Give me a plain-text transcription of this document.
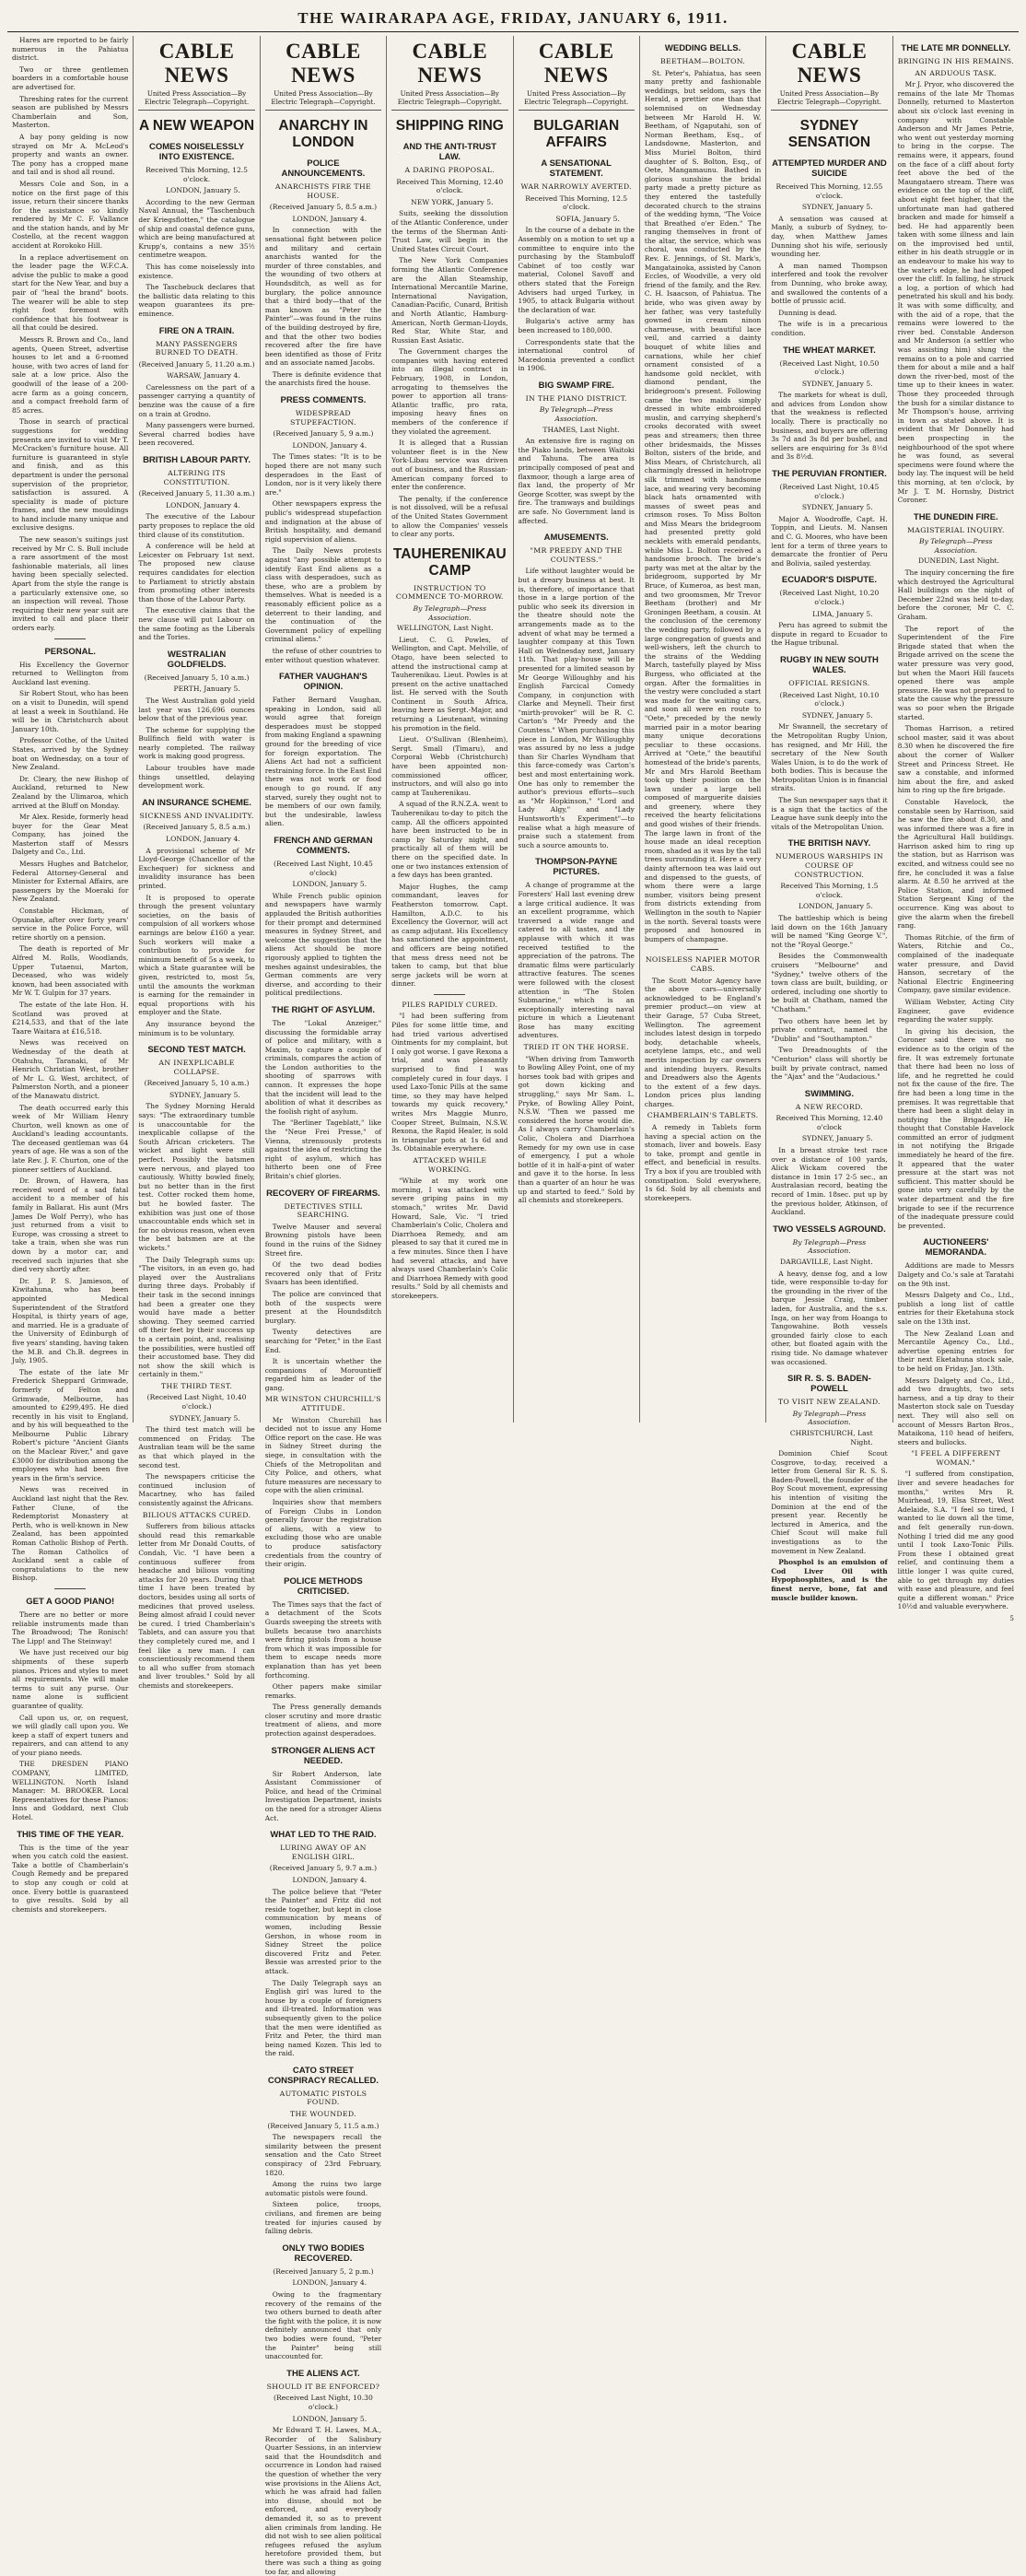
THE WAIRARAPA AGE, FRIDAY, JANUARY 6, 1911.

Hares are reported to be fairly numerous in the Pahiatua district.

Two or three gentlemen boarders in a comfortable house are advertised for.

Threshing rates for the current season are published by Messrs Chamberlain and Son, Masterton.

A bay pony gelding is now strayed on Mr A. McLeod's property and wants an owner. The pony has a cropped mane and tail and is shod all round.

Messrs Cole and Son, in a notice on the first page of this issue, return their sincere thanks for the assistance so kindly rendered by Mr C. F. Vallance and the station hands, and by Mr Costello, at the recent waggon accident at Rorokoko Hill.

In a replace advertisement on the leader page the W.F.C.A. advise the public to make a good start for the New Year, and buy a pair of "heal the brand" boots. The wearer will be able to step right foot foremost with confidence that his footwear is all that could be desired.

Messrs R. Brown and Co., land agents, Queen Street, advertise houses to let and a 6-roomed house, with two acres of land for sale at a low price. Also the goodwill of the lease of a 200-acre farm as a going concern, and a compact freehold farm of 85 acres.

Those in search of practical suggestions for wedding presents are invited to visit Mr T. McCracken's furniture house. All furniture is guaranteed in style and finish, and as this department is under the personal supervision of the proprietor, satisfaction is assured. A speciality is made of picture frames, and the new mouldings to hand include many unique and exclusive designs.

The new season's suitings just received by Mr C. S. Bull include a rare assortment of the most fashionable materials, all lines having been specially selected. Apart from the style the range is a particularly extensive one, so an inspection will reveal. Those requiring their new year suit are invited to call and place their orders early.

PERSONAL.

His Excellency the Governor returned to Wellington from Auckland last evening.

Sir Robert Stout, who has been on a visit to Dunedin, will spend at least a week in Southland. He will be in Christchurch about January 10th.

Professor Cothe, of the United States, arrived by the Sydney boat on Wednesday, on a tour of New Zealand.

Dr. Cleary, the new Bishop of Auckland, returned to New Zealand by the Ulimaroa, which arrived at the Bluff on Monday.

Mr Alex. Reside, formerly head buyer for the Gear Meat Company, has joined the Masterton staff of Messrs Dalgety and Co., Ltd.

Messrs Hughes and Batchelor, Federal Attorney-General and Minister for External Affairs, are passengers by the Moeraki for New Zealand.

Constable Hickman, of Opunake, after over forty years' service in the Police Force, will retire shortly on a pension.

The death is reported of Mr Alfred M. Rolls, Woodlands, Upper Tutaenui, Marton, Deceased, who was widely known, had been associated with Mr W. T. Gulpin for 37 years.

The estate of the late Hon. H. Scotland was proved at £214,533, and that of the late Taare Waitara at £16,518.

News was received on Wednesday of the death at Otahuhu, Taranaki, of Mr Henrich Christian West, brother of Mr L. G. West, architect, of Palmerston North, and a pioneer of the Manawatu district.

The death occurred early this week of Mr William Henry Churton, well known as one of Auckland's leading accountants. The deceased gentleman was 64 years of age. He was a son of the late Rev. J. F. Churton, one of the pioneer settlers of Auckland.

Dr. Brown, of Hawera, has received word of a sad fatal accident to a member of his family in Ballarat. His aunt (Mrs James De Wolf Perry), who has just returned from a visit to Europe, was crossing a street to take a train, when she was run down by a motor car, and received such injuries that she died very shortly after.

Dr. J. P. S. Jamieson, of Kiwitahuna, who has been appointed Medical Superintendent of the Stratford Hospital, is thirty years of age, and married. He is a graduate of the University of Edinburgh of five years' standing, having taken the M.B. and Ch.B. degrees in July, 1905.

The estate of the late Mr Frederick Sheppard Grimwade, formerly of Felton and Grimwade, Melbourne, has amounted to £299,495. He died recently in his visit to England, and by his will bequeathed to the Melbourne Public Library Robert's picture "Ancient Giants on the Maclear River," and gave £3000 for distribution among the employees who had been five years in the firm's service.

News was received in Auckland last night that the Rev. Father Clune, of the Redemptorist Monastery at Perth, who is well-known in New Zealand, has been appointed Roman Catholic Bishop of Perth. The Roman Catholics of Auckland sent a cable of congratulations to the new Bishop.

GET A GOOD PIANO!

There are no better or more reliable instruments made than The Broadwood; The Ronisch! The Lipp! and The Steinway!

We have just received our big shipments of these superb pianos. Prices and styles to meet all requirements. We will make terms to suit any purse. Our name alone is sufficient guarantee of quality.

Call upon us, or, on request, we will gladly call upon you. We keep a staff of expert tuners and repairers, and can attend to any of your piano needs.

THE DRESDEN PIANO COMPANY, LIMITED, WELLINGTON. North Island Manager: M. BROOKER. Local Representatives for these Pianos: Inns and Goddard, next Club Hotel.

THIS TIME OF THE YEAR.

This is the time of the year when you catch cold the easiest. Take a bottle of Chamberlain's Cough Remedy and be prepared to stop any cough or cold at once. Every bottle is guaranteed to give results. Sold by all chemists and storekeepers.

CABLE NEWS
United Press Association—By Electric Telegraph—Copyright.
A NEW WEAPON
COMES NOISELESSLY INTO EXISTENCE.
Received This Morning, 12.5 o'clock.
LONDON, January 5.

According to the new German Naval Annual, the "Taschenbuch der Kriegsflotten," the catalogue of ship and coastal defence guns, which are being manufactured at Krupp's, contains a new 35½ centimetre weapon.

This has come noiselessly into existence.

The Taschebuck declares that the ballistic data relating to this weapon guarantees its pre-eminence.

FIRE ON A TRAIN.
MANY PASSENGERS BURNED TO DEATH.
(Received January 5, 11.20 a.m.)
WARSAW, January 4.

Carelessness on the part of a passenger carrying a quantity of benzine was the cause of a fire on a train at Grodno.

Many passengers were burned. Several charred bodies have been recovered.

BRITISH LABOUR PARTY.
ALTERING ITS CONSTITUTION.
(Received January 5, 11.30 a.m.)
LONDON, January 4.

The executive of the Labour party proposes to replace the old third clause of its constitution.

A conference will be held at Leicester on February 1st next. The proposed new clause requires candidates for election to Parliament to strictly abstain from promoting other interests than those of the Labour Party.

The executive claims that the new clause will put Labour on the same footing as the Liberals and the Tories.

WESTRALIAN GOLDFIELDS.
(Received January 5, 10 a.m.)
PERTH, January 5.

The West Australian gold yield last year was 126,696 ounces below that of the previous year.

The scheme for supplying the Bullfinch field with water is nearly completed. The railway work is making good progress.

Labour troubles have made things unsettled, delaying development work.

AN INSURANCE SCHEME.
SICKNESS AND INVALIDITY.
(Received January 5, 8.5 a.m.)
LONDON, January 4.

A provisional scheme of Mr Lloyd-George (Chancellor of the Exchequer) for sickness and invalidity insurance has been printed.

It is proposed to operate through the present voluntary societies, on the basis of compulsion of all workers whose earnings are below £160 a year. Such workers will make a contribution to provide for minimum benefit of 5s a week, to which a State guarantee will be given, restricted to, most 5s, until the amounts the workman is earning for the remainder in equal proportions with his employer and the State.

Any insurance beyond the minimum is to be voluntary.

SECOND TEST MATCH.
AN INEXPLICABLE COLLAPSE.
(Received January 5, 10 a.m.)
SYDNEY, January 5.

The Sydney Morning Herald says: "The extraordinary tumble is unaccountable for the inexplicable collapse of the South African cricketers. The wicket and light were still perfect. Possibly the batsmen were nervous, and played too cautiously. Whitty bowled finely, but no better than in the first test. Cotter rocked them home, but he bowled faster. The exhibition was just one of those unaccountable ends which set in for no obvious reason, when even the best batsmen are at the wickets."

The Daily Telegraph sums up: "The visitors, in an even go, had played over the Australians during three days. Probably if their task in the second innings had been a greater one they would have made a better showing. They seemed carried off their feet by their success up to a certain point, and, realising the possibilities, were hustled off their accustomed base. They did not show the skill which is certainly in them."

THE THIRD TEST.
(Received Last Night, 10.40 o'clock.)
SYDNEY, January 5.

The third test match will be commenced on Friday. The Australian team will be the same as that which played in the second test.

The newspapers criticise the continued inclusion of Macartney, who has failed consistently against the Africans.

BILIOUS ATTACKS CURED.

Sufferers from bilious attacks should read this remarkable letter from Mr Donald Coutts, of Condah, Vic. "I have been a continuous sufferer from headache and bilious vomiting attacks for 20 years. During that time I have been treated by doctors, besides using all sorts of medicines that proved useless. Being almost afraid I could never be cured. I tried Chamberlain's Tablets, and can assure you that they completely cured me, and I feel like a new man. I can conscientiously recommend them to all who suffer from stomach and liver troubles." Sold by all chemists and storekeepers.

CABLE NEWS
United Press Association—By Electric Telegraph—Copyright.
ANARCHY IN LONDON
POLICE ANNOUNCEMENTS.
ANARCHISTS FIRE THE HOUSE.
(Received January 5, 8.5 a.m.)
LONDON, January 4.

In connection with the sensational fight between police and military and certain anarchists wanted for the murder of three constables, and the wounding of two others at Houndsditch, as well as for burglary, the police announce that a third body—that of the man known as "Peter the Painter"—was found in the ruins of the building destroyed by fire, and that the other two bodies recovered after the fire have been identified as those of Fritz and an associate named Jacobs.

There is definite evidence that the anarchists fired the house.

PRESS COMMENTS.
WIDESPREAD STUPEFACTION.
(Received January 5, 9 a.m.)
LONDON, January 4.

The Times states: "It is to be hoped there are not many such desperadoes in the East of London, nor is it very likely there are."

Other newspapers express the public's widespread stupefaction and indignation at the abuse of British hospitality, and demand rigid supervision of aliens.

The Daily News protests against "any possible attempt to identify East End aliens as a class with desperadoes, such as these, who are a problem by themselves. What is needed is a reasonably efficient police as a deterrent to their landing, and the continuation of the Government policy of expelling criminal aliens."

the refuse of other countries to enter without question whatever.

FATHER VAUGHAN'S OPINION.

Father Bernard Vaughan, speaking in London, said all would agree that foreign desperadoes must be stopped from making England a spawning ground for the breeding of vice for foreign exportation. The Aliens Act had not a sufficient restraining force. In the East End there was not work or food enough to go round. If any starved, surely they ought not to be members of our own family, but the undesirable, lawless alien.

FRENCH AND GERMAN COMMENTS.
(Received Last Night, 10.45 o'clock)
LONDON, January 5.

While French public opinion and newspapers have warmly applauded the British authorities for their prompt and determined measures in Sydney Street, and welcome the suggestion that the aliens Act should be more rigorously applied to tighten the meshes against undesirables, the German comments are very diverse, and according to their political predilections.

THE RIGHT OF ASYLUM.

The "Lokal Anzeiger," discussing the formidable array of police and military, with a Maxim, to capture a couple of criminals, compares the action of the London authorities to the shooting of sparrows with cannon. It expresses the hope that the incident will lead to the abolition of what it describes as the foolish right of asylum.

The "Berliner Tageblatt," like the "Neue Frei Presse," of Vienna, strenuously protests against the idea of restricting the right of asylum, which has hitherto been one of Free Britain's chief glories.

RECOVERY OF FIREARMS.
DETECTIVES STILL SEARCHING.

Twelve Mauser and several Browning pistols have been found in the ruins of the Sidney Street fire.

Of the two dead bodies recovered only that of Fritz Svaars has been identified.

The police are convinced that both of the suspects were present at the Houndsditch burglary.

Twenty detectives are searching for "Peter," in the East End.

It is uncertain whether the companions of Morountieff regarded him as leader of the gang.

MR WINSTON CHURCHILL'S ATTITUDE.

Mr Winston Churchill has decided not to issue any Home Office report on the case. He was in Sidney Street during the siege, in consultation with the Chiefs of the Metropolitan and City Police, and others, what future measures are necessary to cope with the alien criminal.

Inquiries show that members of Foreign Clubs in London generally favour the registration of aliens, with a view to excluding those who are unable to produce satisfactory credentials from the country of their origin.

POLICE METHODS CRITICISED.

The Times says that the fact of a detachment of the Scots Guards sweeping the streets with bullets because two anarchists were firing pistols from a house from which it was impossible for them to escape needs more explanation than has yet been forthcoming.

Other papers make similar remarks.

The Press generally demands closer scrutiny and more drastic treatment of aliens, and more protection against desperadoes.

STRONGER ALIENS ACT NEEDED.

Sir Robert Anderson, late Assistant Commissioner of Police, and head of the Criminal Investigation Department, insists on the need for a stronger Aliens Act.

WHAT LED TO THE RAID.
LURING AWAY OF AN ENGLISH GIRL.
(Received January 5, 9.7 a.m.)
LONDON, January 4.

The police believe that "Peter the Painter" and Fritz did not reside together, but kept in close communication by means of women, including Bessie Gershon, in whose room in Sidney Street the police discovered Fritz and Peter. Bessie was arrested prior to the attack.

The Daily Telegraph says an English girl was lured to the house by a couple of foreigners and ill-treated. Information was subsequently given to the police that the men were identified as Fritz and Peter, the third man being named Kozen. This led to the raid.

CATO STREET CONSPIRACY RECALLED.
AUTOMATIC PISTOLS FOUND.
THE WOUNDED.
(Received January 5, 11.5 a.m.)

The newspapers recall the similarity between the present sensation and the Cato Street conspiracy of 23rd February, 1820.

Among the ruins two large automatic pistols were found.

Sixteen police, troops, civilians, and firemen are being treated for injuries caused by falling debris.

ONLY TWO BODIES RECOVERED.
(Received January 5, 2 p.m.)
LONDON, January 4.

Owing to the fragmentary recovery of the remains of the two others burned to death after the fight with the police, it is now definitely announced that only two bodies were found, "Peter the Painter" being still unaccounted for.

THE ALIENS ACT.
SHOULD IT BE ENFORCED?
(Received Last Night, 10.30 o'clock.)
LONDON, January 5.

Mr Edward T. H. Lawes, M.A., Recorder of the Salisbury Quarter Sessions, in an interview said that the Houndsditch and occurrence in London had raised the question of whether the very wise provisions in the Aliens Act, which he was afraid had fallen into disuse, should not be enforced, and everybody demanded it, so as to prevent alien criminals from landing. He did not wish to see alien political refugees refused the asylum heretofore provided them, but there was such a thing as going too far, and allowing

CABLE NEWS
United Press Association—By Electric Telegraph—Copyright.
SHIPPING RING
AND THE ANTI-TRUST LAW.
A DARING PROPOSAL.
Received This Morning, 12.40 o'clock.
NEW YORK, January 5.

Suits, seeking the dissolution of the Atlantic Conference, under the terms of the Sherman Anti-Trust Law, will begin in the United States Circuit Court.

The New York Companies forming the Atlantic Conference are the Allan Steamship, International Mercantile Marine, International Navigation, Canadian-Pacific, Cunard, British and North Atlantic, Hamburg-American, North German-Lloyds, Red Star, White Star, and Russian East Asiatic.

The Government charges the companies with having entered into an illegal contract in February, 1908, in London, arrogating to themselves the power to apportion all trans-Atlantic traffic, pro rata, imposing heavy fines on members of the conference if they violated the agreement.

It is alleged that a Russian volunteer fleet is in the New York-Libau service was driven out of business, and the Russian-American company forced to enter the conference.

The penalty, if the conference is not dissolved, will be a refusal of the United States Government to allow the Companies' vessels to clear any ports.

TAUHERENIKAU CAMP
INSTRUCTION TO COMMENCE TO-MORROW.
By Telegraph—Press Association.
WELLINGTON, Last Night.

Lieut. C. G. Powles, of Wellington, and Capt. Melville, of Otago, have been selected to attend the instructional camp at Tauherenikau. Lieut. Powles is at present on the active unattached list. He served with the South Continent in South Africa, leaving here as Sergt.-Major, and returning a Lieutenant, winning his promotion in the field.

Lieut. O'Sullivan (Blenheim), Sergt. Small (Timaru), and Corporal Webb (Christchurch) have been appointed non-commissioned officer, instructors, and will also go into camp at Tauherenikau.

A squad of the R.N.Z.A. went to Tauherenikau to-day to pitch the camp. All the officers appointed have been instructed to be in camp by Saturday night, and practically all of them will be there on the specified date. In one or two instances extension of a few days has been granted.

Major Hughes, the camp commandant, leaves for Featherston tomorrow. Capt. Hamilton, A.D.C. to his Excellency the Governor, will act as camp adjutant. His Excellency has sanctioned the appointment, and officers are being notified that mess dress need not be taken to camp, but that blue serge jackets will be worn at dinner.

PILES RAPIDLY CURED.

"I had been suffering from Piles for some little time, and had tried various advertised Ointments for my complaint, but I only got worse. I gave Rexona a trial, and was pleasantly surprised to find I was completely cured in four days. I used Laxo-Tonic Pills at the same time, so they may have helped towards my quick recovery," writes Mrs Maggie Munro, Cooper Street, Bulmain, N.S.W. Rexona, the Rapid Healer, is sold in triangular pots at 1s 6d and 3s. Obtainable everywhere.

ATTACKED WHILE WORKING.

"While at my work one morning, I was attacked with severe griping pains in my stomach," writes Mr. David Howard, Sale, Vic. "I tried Chamberlain's Colic, Cholera and Diarrhoea Remedy, and am pleased to say that it cured me in a few minutes. Since then I have had several attacks, and have always used Chamberlain's Colic and Diarrhoea Remedy with good results." Sold by all chemists and storekeepers.

CABLE NEWS
United Press Association—By Electric Telegraph—Copyright.
BULGARIAN AFFAIRS
A SENSATIONAL STATEMENT.
WAR NARROWLY AVERTED.
Received This Morning, 12.5 o'clock.
SOFIA, January 5.

In the course of a debate in the Assembly on a motion to set up a committee to enquire into the purchasing by the Stambuloff Cabinet of too costly war material, Colonel Savoff and others stated that the Foreign Advisers had urged Turkey, in 1905, to attack Bulgaria without the declaration of war.

Bulgaria's active army has been increased to 180,000.

Correspondents state that the international control of Macedonia prevented a conflict in 1906.

BIG SWAMP FIRE.
IN THE PIANO DISTRICT.
By Telegraph—Press Association.
THAMES, Last Night.

An extensive fire is raging on the Piako lands, between Waitoki and Tahuna. The area is principally composed of peat and flaxmoor, though a large area of flax land, the property of Mr George Scotter, was swept by the fire. The tramways and buildings are safe. No Government land is affected.

AMUSEMENTS.
"MR PREEDY AND THE COUNTESS."

Life without laughter would be but a dreary business at best. It is, therefore, of importance that those in a large portion of the public who seek its diversion in the theatre should note the arrangements made as to the advent of what may be termed a laughter company at this Town Hall on Wednesday next, January 11th. That play-house will be presented for a limited season by Mr George Willoughby and his English Farcical Comedy Company, in conjunction with Clarke and Meynell. Their first "mirth-provoker" will be R. C. Carton's "Mr Preedy and the Countess." When purchasing this piece in London, Mr Willoughby was assured by no less a judge than Sir Charles Wyndham that this farce-comedy was Carton's best and most entertaining work. One has only to remember the author's previous efforts—such as "Mr Hopkinson," "Lord and Lady Algy," and "Lady Huntsworth's Experiment"—to realise what a high measure of praise such a statement from such a source amounts to.

THOMPSON-PAYNE PICTURES.

A change of programme at the Foresters' Hall last evening drew a large critical audience. It was an excellent programme, which traversed a wide range and catered to all tastes, and the applause with which it was received testified to the appreciation of the patrons. The dramatic films were particularly attractive features. The scenes were followed with the closest attention in "The Stolen Submarine," which is an exceptionally interesting naval picture in which a Lieutenant Rose has many exciting adventures.

TRIED IT ON THE HORSE.

"When driving from Tamworth to Bowling Alley Point, one of my horses took bad with gripes and got down kicking and struggling," says Mr Sam. L. Pryke, of Bowling Alley Point, N.S.W. "Then we passed me considered the horse would die. As I always carry Chamberlain's Colic, Cholera and Diarrhoea Remedy for my own use in case of emergency, I put a whole bottle of it in half-a-pint of water and gave it to the horse. In less than a quarter of an hour he was up and started to feed." Sold by all chemists and storekeepers.

WEDDING BELLS.
BEETHAM—BOLTON.

St. Peter's, Pahiatua, has seen many pretty and fashionable weddings, but seldom, says the Herald, a prettier one than that solemnised on Wednesday between Mr Harold H. W. Beetham, of Ngaputahi, son of Norman Beetham, Esq., of Landsdowne, Masterton, and Miss Muriel Bolton, third daughter of S. Bolton, Esq., of Oete, Mangamaunu. Bathed in glorious sunshine the bridal party made a pretty picture as they entered the tastefully decorated church to the strains of the wedding hymn, "The Voice that Breathed o'er Eden." The ranging themselves in front of the altar, the service, which was choral, was conducted by the Rev. E. Jennings, of St. Mark's, Mangatainoka, assisted by Canon Eccles, of Woodville, a very old friend of the family, and the Rev. C. H. Isaacson, of Pahiatua. The bride, who was given away by her father, was very tastefully gowned in cream ninon charmeuse, with beautiful lace veil, and carried a dainty bouquet of white lilies and carnations, while her chief ornament consisted of a handsome gold necklet, with diamond pendant, the bridegroom's present. Following came the two maids simply dressed in white embroidered muslin, and carrying shepherd's crooks decorated with sweet peas and streamers; then three other bridesmaids, the Misses Bolton, sisters of the bride, and Miss Mears, of Christchurch, all charmingly dressed in heliotrope silk trimmed with handsome lace, and wearing very becoming black hats ornamented with masses of sweet peas and crimson roses. To Miss Bolton and Miss Mears the bridegroom had presented pretty gold necklets with emerald pendants, while Miss L. Bolton received a handsome brooch. The bride's party was met at the altar by the bridegroom, supported by Mr Bruce, of Kumeroa, as best man, and two groomsmen, Mr Trevor Beetham (brother) and Mr Groningen Beetham, a cousin. At the conclusion of the ceremony the wedding party, followed by a large congregation of guests and well-wishers, left the church to the strains of the Wedding March, tastefully played by Miss Burgess, who officiated at the organ. After the formalities in the vestry were concluded a start was made for the waiting cars, and soon all were en route to "Oete," preceded by the newly married pair in a motor bearing many unique decorations peculiar to these occasions. Arrived at "Oete," the beautiful homestead of the bride's parents, Mr and Mrs Harold Beetham took up their position on the lawn under a large bell composed of marguerite daisies and greenery, where they received the hearty felicitations and good wishes of their friends. The large lawn in front of the house made an ideal reception room, shaded as it was by the tall trees surrounding it. Here a very dainty afternoon tea was laid out and dispensed to the guests, of whom there were a large number, visitors being present from districts extending from Wellington in the south to Napier in the north. Several toasts were proposed and honoured in bumpers of champagne.

NOISELESS NAPIER MOTOR CABS.

The Scott Motor Agency have the above cars—universally acknowledged to be England's premier product—on view at their Garage, 57 Cuba Street, Wellington. The agreement includes latest design in torpedo body, detachable wheels, acetylene lamps, etc., and well merits inspection by car owners and intending buyers. Results and Dreadwers also the Agents to the extent of a few days. London prices plus landing charges.

CHAMBERLAIN'S TABLETS.

A remedy in Tablets form having a special action on the stomach, liver and bowels. Easy to take, prompt and gentle in effect, and beneficial in results. Try a box if you are troubled with constipation. Sold everywhere, 1s 6d. Sold by all chemists and storekeepers.

CABLE NEWS
United Press Association—By Electric Telegraph—Copyright.
SYDNEY SENSATION
ATTEMPTED MURDER AND SUICIDE
Received This Morning, 12.55 o'clock.
SYDNEY, January 5.

A sensation was caused at Manly, a suburb of Sydney, to-day, when Matthew James Dunning shot his wife, seriously wounding her.

A man named Thompson interfered and took the revolver from Dunning, who broke away, and swallowed the contents of a bottle of prussic acid.

Dunning is dead.

The wife is in a precarious condition.

THE WHEAT MARKET.
(Received Last Night, 10.50 o'clock.)
SYDNEY, January 5.

The markets for wheat is dull, and advices from London show that the weakness is reflected locally. There is practically no business, and buyers are offering 3s 7d and 3s 8d per bushel, and sellers are enquiring for 3s 8½d and 3s 8½d.

THE PERUVIAN FRONTIER.
(Received Last Night, 10.45 o'clock.)
SYDNEY, January 5.

Major A. Woodroffe, Capt. H. Toppin, and Lieuts. M. Nansen and C. G. Moores, who have been lent for a term of three years to demarcate the frontier of Peru and Bolivia, sailed yesterday.

ECUADOR'S DISPUTE.
(Received Last Night, 10.20 o'clock.)
LIMA, January 5.

Peru has agreed to submit the dispute in regard to Ecuador to the Hague tribunal.

RUGBY IN NEW SOUTH WALES.
OFFICIAL RESIGNS.
(Received Last Night, 10.10 o'clock.)
SYDNEY, January 5.

Mr Swannell, the secretary of the Metropolitan Rugby Union, has resigned, and Mr Hill, the secretary of the New South Wales Union, is to do the work of both bodies. This is because the Metropolitan Union is in financial straits.

The Sun newspaper says that it is a sign that the tactics of the League have sunk deeply into the vitals of the Metropolitan Union.

THE BRITISH NAVY.
NUMEROUS WARSHIPS IN COURSE OF CONSTRUCTION.
Received This Morning, 1.5 o'clock.
LONDON, January 5.

The battleship which is being laid down on the 16th January will be named "King George V.", not the "Royal George."

Besides the Commonwealth cruisers "Melbourne" and "Sydney," twelve others of the town class are built, building, or ordered, including one shortly to be built at Chatham, named the "Chatham."

Two others have been let by private contract, named the "Dublin" and "Southampton."

Two Dreadnoughts of the "Centurion" class will shortly be built by private contract, named the "Ajax" and the "Audacious."

SWIMMING.
A NEW RECORD.
Received This Morning, 12.40 o'clock
SYDNEY, January 5.

In a breast stroke test race over a distance of 100 yards, Alick Wickam covered the distance in 1min 17 2-5 sec., an Australasian record, beating the record of 1min. 18sec. put up by the previous holder, Atkinson, of Auckland.

TWO VESSELS AGROUND.
By Telegraph—Press Association.
DARGAVILLE, Last Night.

A heavy, dense fog, and a low tide, were responsible to-day for the grounding in the river of the barque Jessie Craig, timber laden, for Australia, and the s.s. Inga, on her way from Hoanga to Tangowahine. Both vessels grounded fairly close to each other, but floated again with the rising tide. No damage whatever was occasioned.

SIR R. S. S. BADEN-POWELL
TO VISIT NEW ZEALAND.
By Telegraph—Press Association.
CHRISTCHURCH, Last Night.

Dominion Chief Scout Cosgrove, to-day, received a letter from General Sir R. S. S. Baden-Powell, the founder of the Boy Scout movement, expressing his intention of visiting the Dominion at the end of the present year. Recently he lectured in America, and the Chief Scout will make full investigations as to the movement in New Zealand.

Phosphol is an emulsion of Cod Liver Oil with Hypophosphites, and is the finest nerve, bone, fat and muscle builder known.

THE LATE MR DONNELLY.
BRINGING IN HIS REMAINS.
AN ARDUOUS TASK.

Mr J. Pryor, who discovered the remains of the late Mr Thomas Donnelly, returned to Masterton about six o'clock last evening in company with Constable Anderson and Mr James Petrie, who went out yesterday morning to bring in the corpse. The remains were, it appears, found on the face of a cliff about forty feet above the bed of the Maungataero stream. There was evidence on the top of the cliff, about eight feet higher, that the unfortunate man had gathered bracken and made for himself a bed. He had apparently been taken with some illness and lain on the improvised bed until, either in his death struggle or in an endeavour to make his way to the water's edge, he had slipped over the cliff. In falling, he struck a log, a portion of which had penetrated his skull and his body. It was with some difficulty, and with the aid of a rope, that the remains were lowered to the river bed. Constable Anderson and Mr Anderson (a settler who was assisting him) slung the remains on to a pole and carried them for about a mile and a half down the river-bed, most of the time up to their knees in water. Those they proceeded through the bush for a similar distance to Mr Thompson's house, arriving in town as stated above. It is evident that Mr Donnelly had been prospecting in the neighbourhood of the spot where he was found, as several specimens were found where the body lay. The inquest will be held this morning, at ten o'clock, by Mr J. T. M. Hornsby, District Coroner.

THE DUNEDIN FIRE.
MAGISTERIAL INQUIRY.
By Telegraph—Press Association.
DUNEDIN, Last Night.

The inquiry concerning the fire which destroyed the Agricultural Hall buildings on the night of December 22nd was held to-day, before the coroner, Mr C. C. Graham.

The report of the Superintendent of the Fire Brigade stated that when the Brigade arrived on the scene the water pressure was very good, but when the Maori Hill faucets opened there was ample pressure. He was not prepared to state the cause why the pressure was so poor when the Brigade started.

Thomas Harrison, a retired school master, said it was about 8.30 when he discovered the fire about the corner of Walker Street and Princess Street. He saw a constable, and informed him about the fire, and asked him to ring up the fire brigade.

Constable Havelock, the constable seen by Harrison, said he saw the fire about 8.30, and was informed there was a fire in the Agricultural Hall buildings. Harrison asked him to ring up the station, but as Harrison was excited, and witness could see no fire, he concluded it was a false alarm. At 8.50 he arrived at the Police Station, and informed Station Sergeant King of the occurrence. King was about to give the alarm when the firebell rang.

Thomas Ritchie, of the firm of Waters, Ritchie and Co., complained of the inadequate water pressure, and David Hanson, secretary of the National Electric Engineering Company, gave similar evidence.

William Webster, Acting City Engineer, gave evidence regarding the water supply.

In giving his decision, the Coroner said there was no evidence as to the origin of the fire. It was extremely fortunate that there had been no loss of life, and he regretted he could not fix the cause of the fire. The fire had been a long time in the premises. It was regrettable that there had been a slight delay in notifying the Brigade. He thought that Constable Havelock committed an error of judgment in not notifying the Brigade immediately he heard of the fire. It appeared that the water pressure at the start was not sufficient. This matter should be gone into very carefully by the water department and the fire brigade to see if the recurrence of the inadequate pressure could be prevented.

AUCTIONEERS' MEMORANDA.

Additions are made to Messrs Dalgety and Co.'s sale at Taratahi on the 9th inst.

Messrs Dalgety and Co., Ltd., publish a long list of cattle entries for their Eketahuna stock sale on the 13th inst.

The New Zealand Loan and Mercantile Agency Co., Ltd., advertise opening entries for their next Eketahuna stock sale, to be held on Friday, Jan. 13th.

Messrs Dalgety and Co., Ltd., add two draughts, two sets harness, and a tip dray to their Masterton stock sale on Tuesday next. They will also sell on account of Messrs Barton Bros., Mataikona, 110 head of heifers, steers and bullocks.

"I FEEL A DIFFERENT WOMAN."

"I suffered from constipation, liver and severe headaches for months," writes Mrs R. Muirhead, 19, Elsa Street, West Adelaide, S.A. "I feel so tired, I wanted to lie down all the time, and felt generally run-down. Nothing I tried did me any good until I took Laxo-Tonic Pills. From these I obtained great relief, and continuing them a little longer I was quite cured, able to get through my duties with ease and pleasure, and feel quite a different woman." Price 10½d and valuable everywhere.

5
